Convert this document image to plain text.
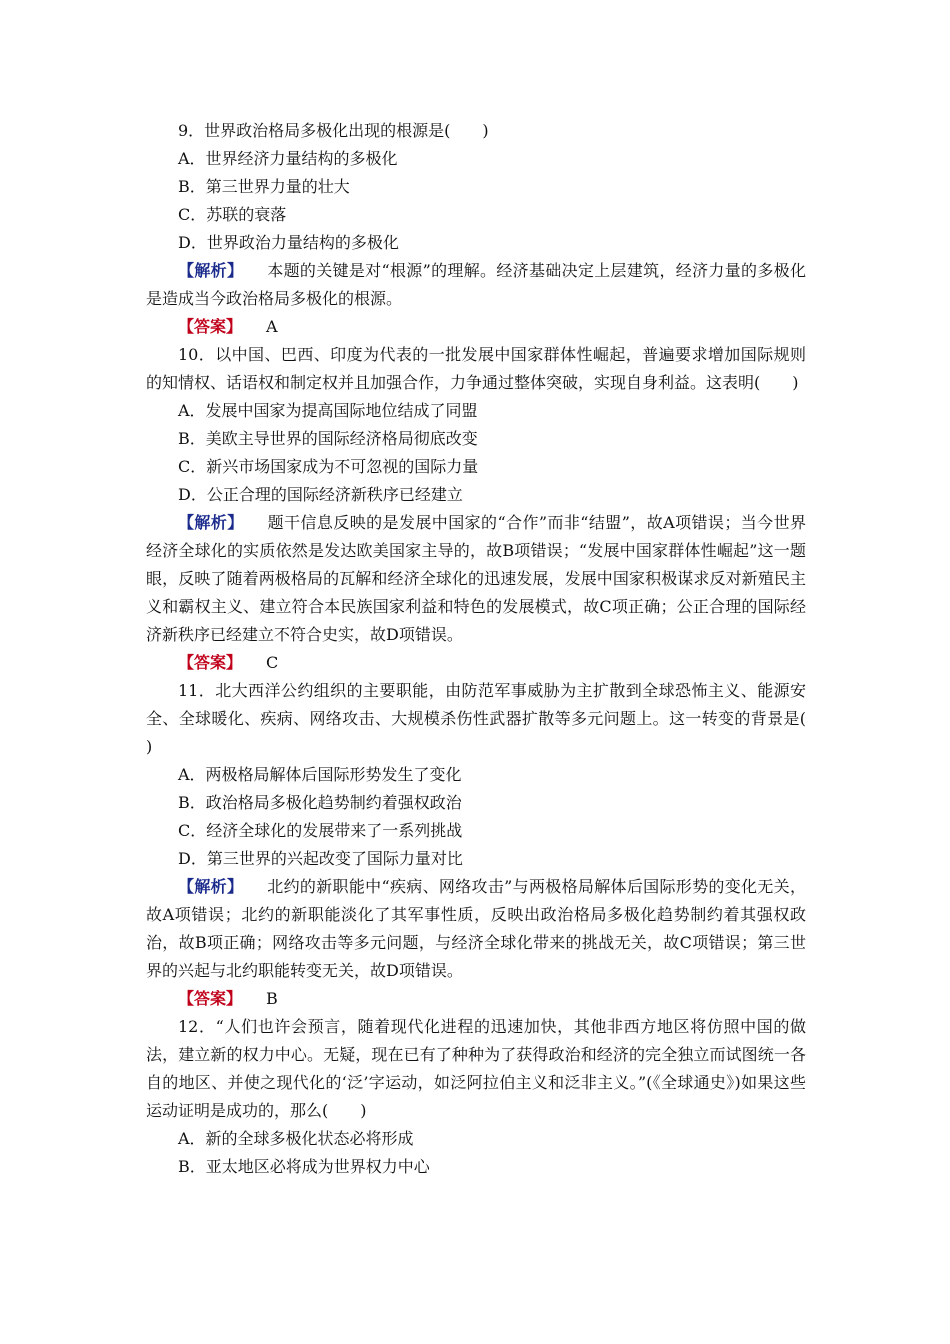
9．世界政治格局多极化出现的根源是(　　)
A．世界经济力量结构的多极化
B．第三世界力量的壮大
C．苏联的衰落
D．世界政治力量结构的多极化
【解析】 本题的关键是对“根源”的理解。经济基础决定上层建筑，经济力量的多极化是造成当今政治格局多极化的根源。
【答案】 A
10．以中国、巴西、印度为代表的一批发展中国家群体性崛起，普遍要求增加国际规则的知情权、话语权和制定权并且加强合作，力争通过整体突破，实现自身利益。这表明(　　)
A．发展中国家为提高国际地位结成了同盟
B．美欧主导世界的国际经济格局彻底改变
C．新兴市场国家成为不可忽视的国际力量
D．公正合理的国际经济新秩序已经建立
【解析】 题干信息反映的是发展中国家的“合作”而非“结盟”，故A项错误；当今世界经济全球化的实质依然是发达欧美国家主导的，故B项错误；“发展中国家群体性崛起”这一题眼，反映了随着两极格局的瓦解和经济全球化的迅速发展，发展中国家积极谋求反对新殖民主义和霸权主义、建立符合本民族国家利益和特色的发展模式，故C项正确；公正合理的国际经济新秩序已经建立不符合史实，故D项错误。
【答案】 C
11．北大西洋公约组织的主要职能，由防范军事威胁为主扩散到全球恐怖主义、能源安全、全球暖化、疾病、网络攻击、大规模杀伤性武器扩散等多元问题上。这一转变的背景是(　　)
A．两极格局解体后国际形势发生了变化
B．政治格局多极化趋势制约着强权政治
C．经济全球化的发展带来了一系列挑战
D．第三世界的兴起改变了国际力量对比
【解析】 北约的新职能中“疾病、网络攻击”与两极格局解体后国际形势的变化无关，故A项错误；北约的新职能淡化了其军事性质，反映出政治格局多极化趋势制约着其强权政治，故B项正确；网络攻击等多元问题，与经济全球化带来的挑战无关，故C项错误；第三世界的兴起与北约职能转变无关，故D项错误。
【答案】 B
12．“人们也许会预言，随着现代化进程的迅速加快，其他非西方地区将仿照中国的做法，建立新的权力中心。无疑，现在已有了种种为了获得政治和经济的完全独立而试图统一各自的地区、并使之现代化的‘泛’字运动，如泛阿拉伯主义和泛非主义。”(《全球通史》)如果这些运动证明是成功的，那么(　　)
A．新的全球多极化状态必将形成
B．亚太地区必将成为世界权力中心
